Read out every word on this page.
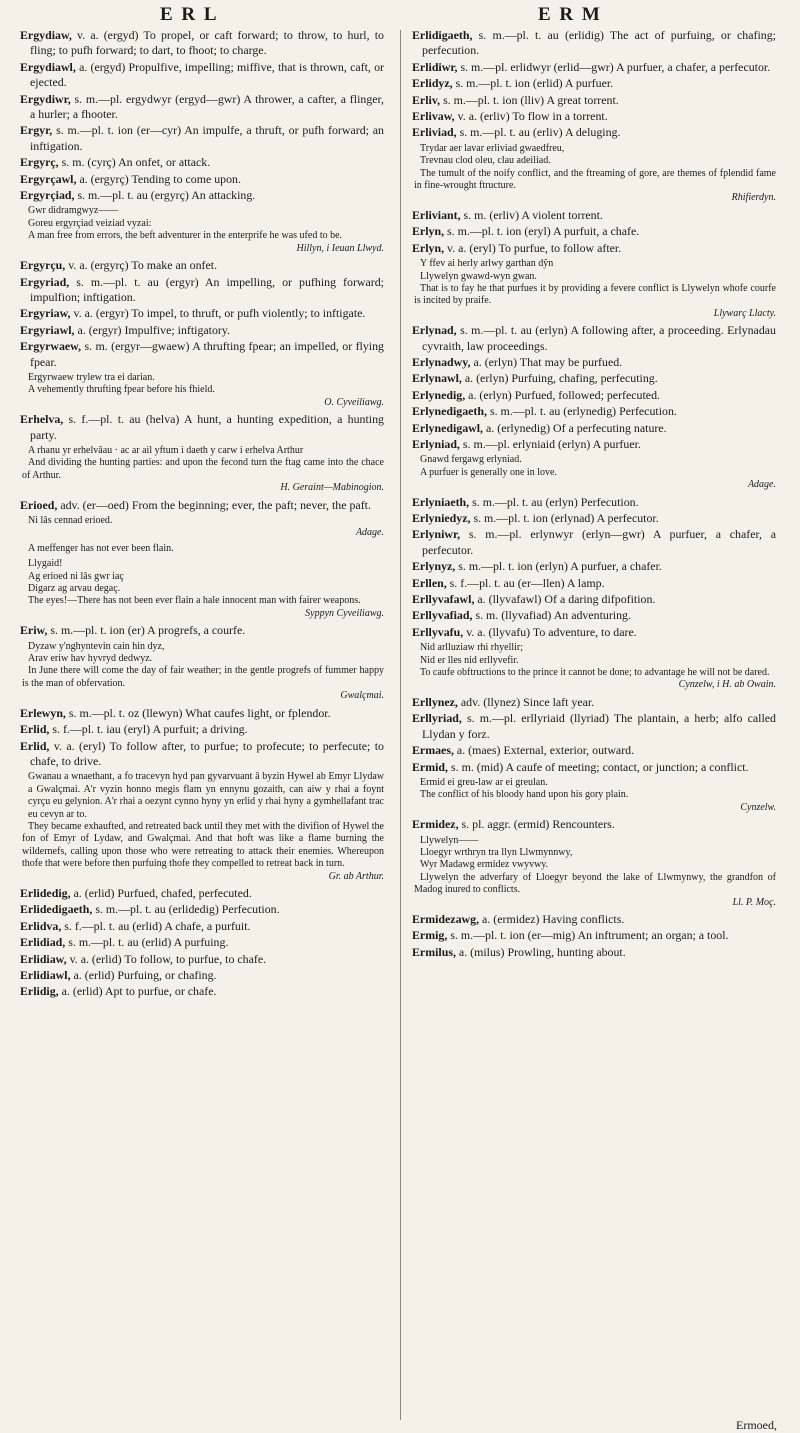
E R L	E R M
Ergydiaw, v. a. (ergyd) To propel, or caft forward; to throw, to hurl, to fling; to pufh forward; to dart, to fhoot; to charge.
Ergydiawl, a. (ergyd) Propulfive, impelling; miffive, that is thrown, caft, or ejected.
Ergydiwr, s. m.—pl. ergydwyr (ergyd—gwr) A thrower, a cafter, a flinger, a hurler; a fhooter.
Ergyr, s. m.—pl. t. ion (er—cyr) An impulfe, a thruft, or pufh forward; an inftigation.
Ergyrç, s. m. (cyrç) An onfet, or attack.
Ergyrçawl, a. (ergyrç) Tending to come upon.
Ergyrçiad, s. m.—pl. t. au (ergyrç) An attacking.
Gwr didramgwyz——
Goreu ergyrçiad veiziad vyzai:
A man free from errors, the beft adventurer in the enterprife he was ufed to be.
Hillyn, i Ieuan Llwyd.
Ergyrçu, v. a. (ergyrç) To make an onfet.
Ergyriad, s. m.—pl. t. au (ergyr) An impelling, or pufhing forward; impulfion; inftigation.
Ergyriaw, v. a. (ergyr) To impel, to thruft, or pufh violently; to inftigate.
Ergyriawl, a. (ergyr) Impulfive; inftigatory.
Ergyrwaew, s. m. (ergyr—gwaew) A thrufting fpear; an impelled, or flying fpear.
Ergyrwaew trylew tra ei darian.
A vehemently thrufting fpear before his fhield.
O. Cyveiliawg.
Erhelva, s. f.—pl. t. au (helva) A hunt, a hunting expedition, a hunting party.
A rhanu yr erhelvâau · ac ar ail yftum i daeth y carw i erhelva Arthur
And dividing the hunting parties: and upon the fecond turn the ftag came into the chace of Arthur.
H. Geraint—Mabinogion.
Erioed, adv. (er—oed) From the beginning; ever, the paft; never, the paft.
Ni lâs cennad erioed.
Adage.
A meffenger has not ever been flain.
Llygaid!
Ag erioed ni lâs gwr iaç
Digarz ag arvau degaç.
The eyes!—There has not been ever flain a hale innocent man with fairer weapons.
Syppyn Cyveiliawg.
Eriw, s. m.—pl. t. ion (er) A progrefs, a courfe.
Dyzaw y'nghyntevin cain hin dyz,
Arav eriw hav hyvryd dedwyz.
In June there will come the day of fair weather; in the gentle progrefs of fummer happy is the man of obfervation.
Gwalçmai.
Erlewyn, s. m.—pl. t. oz (llewyn) What caufes light, or fplendor.
Erlid, s. f.—pl. t. iau (eryl) A purfuit; a driving.
Erlid, v. a. (eryl) To follow after, to purfue; to profecute; to perfecute; to chafe, to drive.
Gwanau a wnaethant, a fo tracevyn hyd pan gyvarvuant â byzin Hywel ab Emyr Llydaw a Gwalçmai. A'r vyzin honno megis flam yn ennynu gozaith, can aiw y rhai a foynt cyrçu eu gelynion. A'r rhai a oezynt cynno hyny yn erlid y rhai hyny a gymhellafant trac eu cevyn ar to.
They became exhaufted, and retreated back until they met with the divifion of Hywel the fon of Emyr of Lydaw, and Gwalçmai. And that hoft was like a flame burning the wildernefs, calling upon those who were retreating to attack their enemies. Whereupon thofe that were before then purfuing thofe they compelled to retreat back in turn.
Gr. ab Arthur.
Erlidedig, a. (erlid) Purfued, chafed, perfecuted.
Erlidedigaeth, s. m.—pl. t. au (erlidedig) Perfecution.
Erlidva, s. f.—pl. t. au (erlid) A chafe, a purfuit.
Erlidiad, s. m.—pl. t. au (erlid) A purfuing.
Erlidiaw, v. a. (erlid) To follow, to purfue, to chafe.
Erlidiawl, a. (erlid) Purfuing, or chafing.
Erlidig, a. (erlid) Apt to purfue, or chafe.
Erlidigaeth, s. m.—pl. t. au (erlidig) The act of purfuing, or chafing; perfecution.
Erlidiwr, s. m.—pl. erlidwyr (erlid—gwr) A purfuer, a chafer, a perfecutor.
Erlidyz, s. m.—pl. t. ion (erlid) A purfuer.
Erliv, s. m.—pl. t. ion (lliv) A great torrent.
Erlivaw, v. a. (erliv) To flow in a torrent.
Erliviad, s. m.—pl. t. au (erliv) A deluging.
Trydar aer lavar erliviad gwaedfreu,
Trevnau clod oleu, clau adeiliad.
The tumult of the noify conflict, and the ftreaming of gore, are themes of fplendid fame in fine-wrought ftructure.
Rhifierdyn.
Erliviant, s. m. (erliv) A violent torrent.
Erlyn, s. m.—pl. t. ion (eryl) A purfuit, a chafe.
Erlyn, v. a. (eryl) To purfue, to follow after.
Y ffev ai herly arlwy garthan dŷn
Llywelyn gwawd-wyn gwan.
That is to fay he that purfues it by providing a fevere conflict is Llywelyn whofe courfe is incited by praife.
Llywarç Llacty.
Erlynad, s. m.—pl. t. au (erlyn) A following after, a proceeding. Erlynadau cyvraith, law proceedings.
Erlynadwy, a. (erlyn) That may be purfued.
Erlynawl, a. (erlyn) Purfuing, chafing, perfecuting.
Erlynedig, a. (erlyn) Purfued, followed; perfecuted.
Erlynedigaeth, s. m.—pl. t. au (erlynedig) Perfecution.
Erlynedigawl, a. (erlynedig) Of a perfecuting nature.
Erlyniad, s. m.—pl. erlyniaid (erlyn) A purfuer.
Gnawd fergawg erlyniad.
A purfuer is generally one in love.
Adage.
Erlyniaeth, s. m.—pl. t. au (erlyn) Perfecution.
Erlyniedyz, s. m.—pl. t. ion (erlynad) A perfecutor.
Erlyniwr, s. m.—pl. erlynwyr (erlyn—gwr) A purfuer, a chafer, a perfecutor.
Erlynyz, s. m.—pl. t. ion (erlyn) A purfuer, a chafer.
Erllen, s. f.—pl. t. au (er—llen) A lamp.
Erllyvafawl, a. (llyvafawl) Of a daring difpofition.
Erllyvafiad, s. m. (llyvafiad) An adventuring.
Erllyvafu, v. a. (llyvafu) To adventure, to dare.
Nid arlluziaw rhi rhyellir;
Nid er lles nid erllyvefir.
To caufe obftructions to the prince it cannot be done; to advantage he will not be dared.
Cynzelw, i H. ab Owain.
Erllynez, adv. (llynez) Since laft year.
Erllyriad, s. m.—pl. erllyriaid (llyriad) The plantain, a herb; alfo called Llydan y forz.
Ermaes, a. (maes) External, exterior, outward.
Ermid, s. m. (mid) A caufe of meeting; contact, or junction; a conflict.
Ermid ei greu-law ar ei greulan.
The conflict of his bloody hand upon his gory plain.
Cynzelw.
Ermidez, s. pl. aggr. (ermid) Rencounters.
Llywelyn——
Lloegyr wrthryn tra llyn Llwmynnwy,
Wyr Madawg ermidez vwyvwy.
Llywelyn the adverfary of Lloegyr beyond the lake of Llwmynwy, the grandfon of Madog inured to conflicts.
Ll. P. Moç.
Ermidezawg, a. (ermidez) Having conflicts.
Ermig, s. m.—pl. t. ion (er—mig) An inftrument; an organ; a tool.
Ermilus, a. (milus) Prowling, hunting about.
Ermoed,
